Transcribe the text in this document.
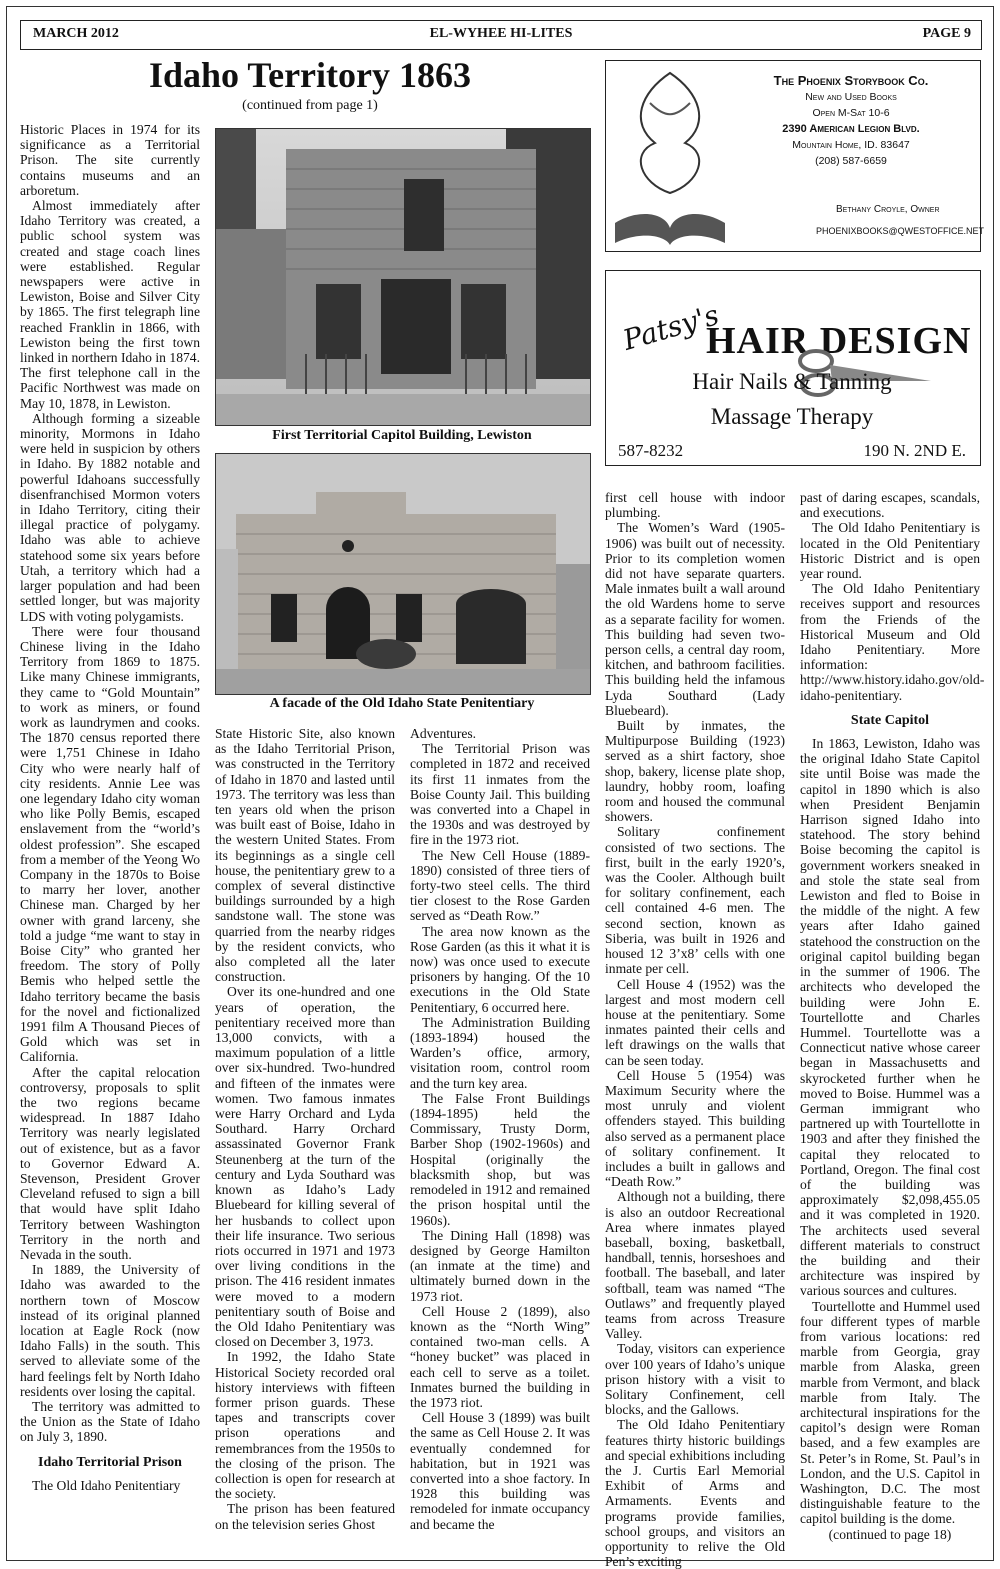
MARCH 2012	EL-WYHEE HI-LITES	PAGE 9
Idaho Territory 1863
(continued from page 1)
First Territorial Capitol Building, Lewiston
A facade of the Old Idaho State Penitentiary
The Phoenix Storybook Co.
New and Used Books
Open M-Sat 10-6
2390 American Legion Blvd.
Mountain Home, ID. 83647
(208) 587-6659
Bethany Croyle, Owner
PHOENIXBOOKS@QWESTOFFICE.NET
Patsy's
HAIR DESIGN
Hair Nails & Tanning
Massage Therapy
587-8232	190 N. 2ND E.

Historic Places in 1974 for its significance as a Territorial Prison. The site currently contains museums and an arboretum.

Almost immediately after Idaho Territory was created, a public school system was created and stage coach lines were established. Regular newspapers were active in Lewiston, Boise and Silver City by 1865. The first telegraph line reached Franklin in 1866, with Lewiston being the first town linked in northern Idaho in 1874. The first telephone call in the Pacific Northwest was made on May 10, 1878, in Lewiston.

Although forming a sizeable minority, Mormons in Idaho were held in suspicion by others in Idaho. By 1882 notable and powerful Idahoans successfully disenfranchised Mormon voters in Idaho Territory, citing their illegal practice of polygamy. Idaho was able to achieve statehood some six years before Utah, a territory which had a larger population and had been settled longer, but was majority LDS with voting polygamists.

There were four thousand Chinese living in the Idaho Territory from 1869 to 1875. Like many Chinese immigrants, they came to “Gold Mountain” to work as miners, or found work as laundrymen and cooks. The 1870 census reported there were 1,751 Chinese in Idaho City who were nearly half of city residents. Annie Lee was one legendary Idaho city woman who like Polly Bemis, escaped enslavement from the “world’s oldest profession”. She escaped from a member of the Yeong Wo Company in the 1870s to Boise to marry her lover, another Chinese man. Charged by her owner with grand larceny, she told a judge “me want to stay in Boise City” who granted her freedom. The story of Polly Bemis who helped settle the Idaho territory became the basis for the novel and fictionalized 1991 film A Thousand Pieces of Gold which was set in California.

After the capital relocation controversy, proposals to split the two regions became widespread. In 1887 Idaho Territory was nearly legislated out of existence, but as a favor to Governor Edward A. Stevenson, President Grover Cleveland refused to sign a bill that would have split Idaho Territory between Washington Territory in the north and Nevada in the south.

In 1889, the University of Idaho was awarded to the northern town of Moscow instead of its original planned location at Eagle Rock (now Idaho Falls) in the south. This served to alleviate some of the hard feelings felt by North Idaho residents over losing the capital.

The territory was admitted to the Union as the State of Idaho on July 3, 1890.

Idaho Territorial Prison

The Old Idaho Penitentiary

State Historic Site, also known as the Idaho Territorial Prison, was constructed in the Territory of Idaho in 1870 and lasted until 1973. The territory was less than ten years old when the prison was built east of Boise, Idaho in the western United States. From its beginnings as a single cell house, the penitentiary grew to a complex of several distinctive buildings surrounded by a high sandstone wall. The stone was quarried from the nearby ridges by the resident convicts, who also completed all the later construction.

Over its one-hundred and one years of operation, the penitentiary received more than 13,000 convicts, with a maximum population of a little over six-hundred. Two-hundred and fifteen of the inmates were women. Two famous inmates were Harry Orchard and Lyda Southard. Harry Orchard assassinated Governor Frank Steunenberg at the turn of the century and Lyda Southard was known as Idaho’s Lady Bluebeard for killing several of her husbands to collect upon their life insurance. Two serious riots occurred in 1971 and 1973 over living conditions in the prison. The 416 resident inmates were moved to a modern penitentiary south of Boise and the Old Idaho Penitentiary was closed on December 3, 1973.

In 1992, the Idaho State Historical Society recorded oral history interviews with fifteen former prison guards. These tapes and transcripts cover prison operations and remembrances from the 1950s to the closing of the prison. The collection is open for research at the society.

The prison has been featured on the television series Ghost

Adventures.

The Territorial Prison was completed in 1872 and received its first 11 inmates from the Boise County Jail. This building was converted into a Chapel in the 1930s and was destroyed by fire in the 1973 riot.

The New Cell House (1889-1890) consisted of three tiers of forty-two steel cells. The third tier closest to the Rose Garden served as “Death Row.”

The area now known as the Rose Garden (as this it what it is now) was once used to execute prisoners by hanging. Of the 10 executions in the Old State Penitentiary, 6 occurred here.

The Administration Building (1893-1894) housed the Warden’s office, armory, visitation room, control room and the turn key area.

The False Front Buildings (1894-1895) held the Commissary, Trusty Dorm, Barber Shop (1902-1960s) and Hospital (originally the blacksmith shop, but was remodeled in 1912 and remained the prison hospital until the 1960s).

The Dining Hall (1898) was designed by George Hamilton (an inmate at the time) and ultimately burned down in the 1973 riot.

Cell House 2 (1899), also known as the “North Wing” contained two-man cells. A “honey bucket” was placed in each cell to serve as a toilet. Inmates burned the building in the 1973 riot.

Cell House 3 (1899) was built the same as Cell House 2. It was eventually condemned for habitation, but in 1921 was converted into a shoe factory. In 1928 this building was remodeled for inmate occupancy and became the

first cell house with indoor plumbing.

The Women’s Ward (1905-1906) was built out of necessity. Prior to its completion women did not have separate quarters. Male inmates built a wall around the old Wardens home to serve as a separate facility for women. This building had seven two-person cells, a central day room, kitchen, and bathroom facilities. This building held the infamous Lyda Southard (Lady Bluebeard).

Built by inmates, the Multipurpose Building (1923) served as a shirt factory, shoe shop, bakery, license plate shop, laundry, hobby room, loafing room and housed the communal showers.

Solitary confinement consisted of two sections. The first, built in the early 1920’s, was the Cooler. Although built for solitary confinement, each cell contained 4-6 men. The second section, known as Siberia, was built in 1926 and housed 12 3’x8’ cells with one inmate per cell.

Cell House 4 (1952) was the largest and most modern cell house at the penitentiary. Some inmates painted their cells and left drawings on the walls that can be seen today.

Cell House 5 (1954) was Maximum Security where the most unruly and violent offenders stayed. This building also served as a permanent place of solitary confinement. It includes a built in gallows and “Death Row.”

Although not a building, there is also an outdoor Recreational Area where inmates played baseball, boxing, basketball, handball, tennis, horseshoes and football. The baseball, and later softball, team was named “The Outlaws” and frequently played teams from across Treasure Valley.

Today, visitors can experience over 100 years of Idaho’s unique prison history with a visit to Solitary Confinement, cell blocks, and the Gallows.

The Old Idaho Penitentiary features thirty historic buildings and special exhibitions including the J. Curtis Earl Memorial Exhibit of Arms and Armaments. Events and programs provide families, school groups, and visitors an opportunity to relive the Old Pen’s exciting

past of daring escapes, scandals, and executions.

The Old Idaho Penitentiary is located in the Old Penitentiary Historic District and is open year round.

The Old Idaho Penitentiary receives support and resources from the Friends of the Historical Museum and Old Idaho Penitentiary. More information: http://www.history.idaho.gov/old-idaho-penitentiary.

State Capitol

In 1863, Lewiston, Idaho was the original Idaho State Capitol site until Boise was made the capitol in 1890 which is also when President Benjamin Harrison signed Idaho into statehood. The story behind Boise becoming the capitol is government workers sneaked in and stole the state seal from Lewiston and fled to Boise in the middle of the night. A few years after Idaho gained statehood the construction on the original capitol building began in the summer of 1906. The architects who developed the building were John E. Tourtellotte and Charles Hummel. Tourtellotte was a Connecticut native whose career began in Massachusetts and skyrocketed further when he moved to Boise. Hummel was a German immigrant who partnered up with Tourtellotte in 1903 and after they finished the capital they relocated to Portland, Oregon. The final cost of the building was approximately $2,098,455.05 and it was completed in 1920. The architects used several different materials to construct the building and their architecture was inspired by various sources and cultures.

Tourtellotte and Hummel used four different types of marble from various locations: red marble from Georgia, gray marble from Alaska, green marble from Vermont, and black marble from Italy. The architectural inspirations for the capitol’s design were Roman based, and a few examples are St. Peter’s in Rome, St. Paul’s in London, and the U.S. Capitol in Washington, D.C. The most distinguishable feature to the capitol building is the dome.

(continued to page 18)
